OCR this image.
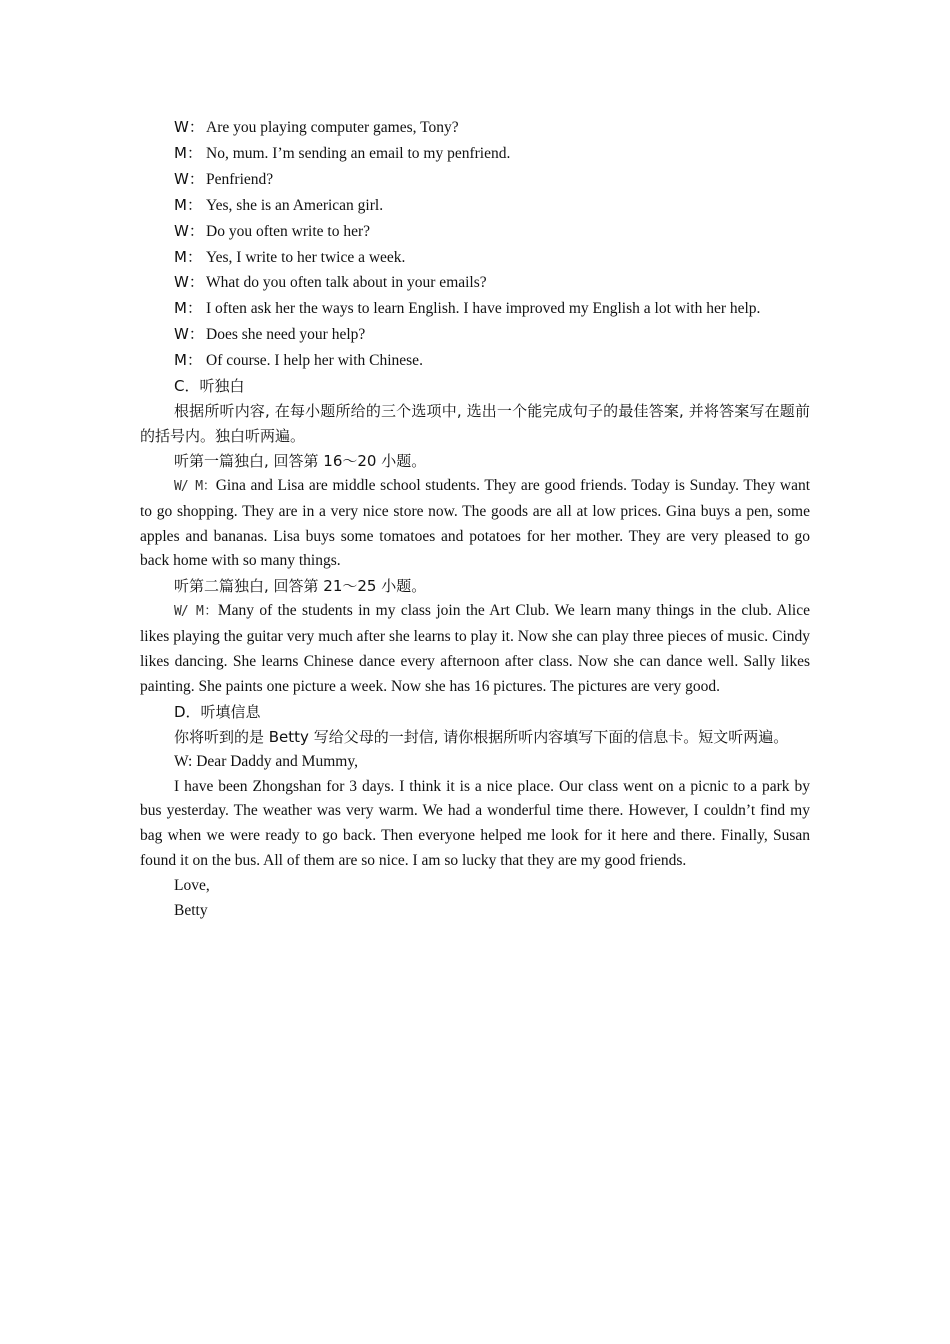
W： Are you playing computer games, Tony?
M： No, mum. I’m sending an email to my penfriend.
W： Penfriend?
M： Yes, she is an American girl.
W： Do you often write to her?
M： Yes, I write to her twice a week.
W： What do you often talk about in your emails?
M： I often ask her the ways to learn English. I have improved my English a lot with her help.
W： Does she need your help?
M： Of course. I help her with Chinese.
C．听独白
根据所听内容, 在每小题所给的三个选项中, 选出一个能完成句子的最佳答案, 并将答案写在题前的括号内。独白听两遍。
听第一篇独白, 回答第 16～20 小题。
W/ M：Gina and Lisa are middle school students. They are good friends. Today is Sunday. They want to go shopping. They are in a very nice store now. The goods are all at low prices. Gina buys a pen, some apples and bananas. Lisa buys some tomatoes and potatoes for her mother. They are very pleased to go back home with so many things.
听第二篇独白, 回答第 21～25 小题。
W/ M：Many of the students in my class join the Art Club. We learn many things in the club. Alice likes playing the guitar very much after she learns to play it. Now she can play three pieces of music. Cindy likes dancing. She learns Chinese dance every afternoon after class. Now she can dance well. Sally likes painting. She paints one picture a week. Now she has 16 pictures. The pictures are very good.
D．听填信息
你将听到的是 Betty 写给父母的一封信, 请你根据所听内容填写下面的信息卡。短文听两遍。
W: Dear Daddy and Mummy,
I have been Zhongshan for 3 days. I think it is a nice place. Our class went on a picnic to a park by bus yesterday. The weather was very warm. We had a wonderful time there. However, I couldn’t find my bag when we were ready to go back. Then everyone helped me look for it here and there. Finally, Susan found it on the bus. All of them are so nice. I am so lucky that they are my good friends.
Love,
Betty
